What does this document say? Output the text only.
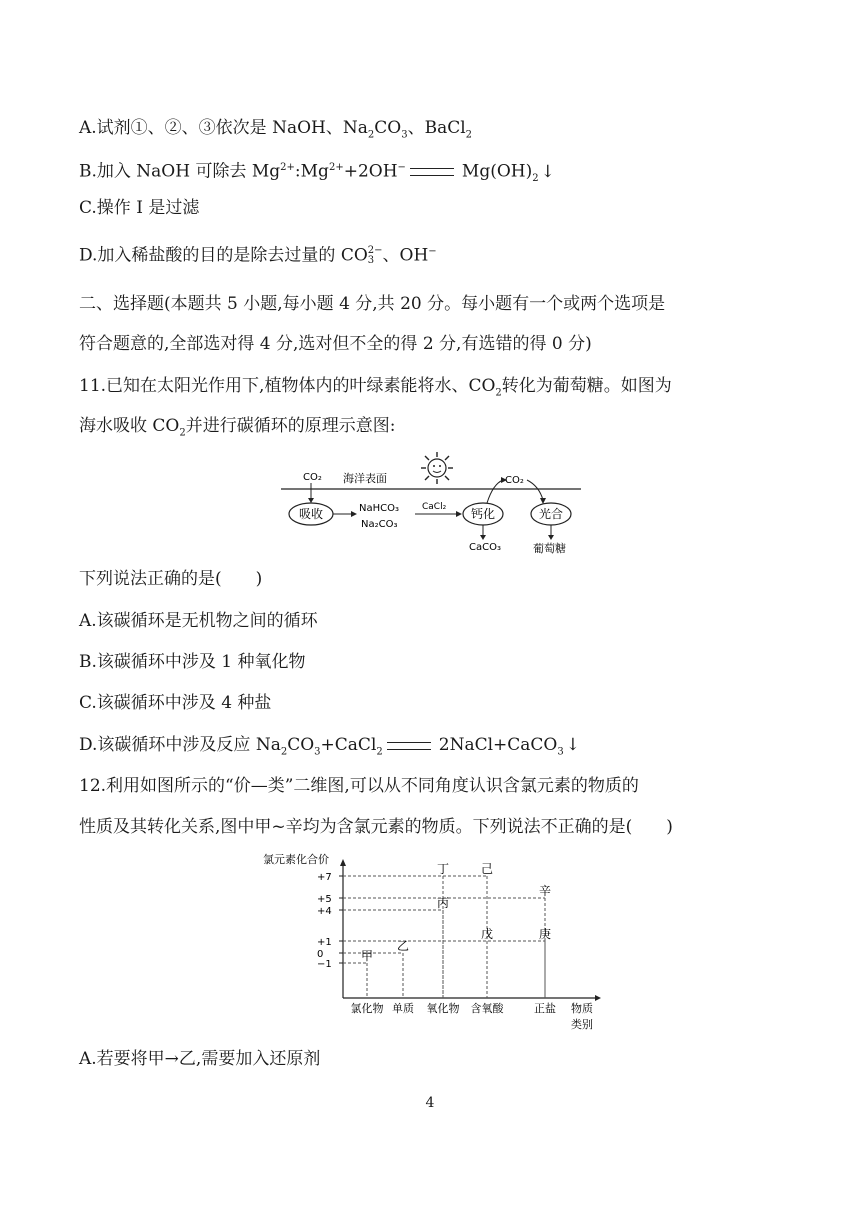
A.试剂①、②、③依次是 NaOH、$Na_2CO_3$、BaCl$_2$
B.加入 NaOH 可除去 $Mg^{2+}:Mg^{2+}+2OH^-$	$Mg(OH)_2$ ↓
C.操作 Ⅰ 是过滤
D.加入稀盐酸的目的是除去过量的 CO 2−
3 、OH−
二、选择题(本题共 5 小题,每小题 4 分,共 20 分。每小题有一个或两个选项是
符合题意的,全部选对得 4 分,选对但不全的得 2 分,有选错的得 0 分)
11.已知在太阳光作用下,植物体内的叶绿素能将水、$CO_2$转化为葡萄糖。如图为
海水吸收 $CO_2$并进行碳循环的原理示意图:
CO₂ 海洋表面
吸收	NaHCO₃
Na₂CO₃
CaCl₂ 钙化
CaCO₃
CO₂
光合
葡萄糖
下列说法正确的是(　　)
A.该碳循环是无机物之间的循环
B.该碳循环中涉及 1 种氧化物
C.该碳循环中涉及 4 种盐
D.该碳循环中涉及反应 $Na_2CO_3+CaCl_2$	2NaCl+CaCO$_3$ ↓
12.利用如图所示的“价—类”二维图,可以从不同角度认识含氯元素的物质的
性质及其转化关系,图中甲~辛均为含氯元素的物质。下列说法不正确的是(　　)
氯元素化合价
+7
+5
+4
+1
0
−1
氯化物 单质 氧化物 含氧酸	正盐
甲
乙
丙
丁
戊
己
庚
辛
物质
类别
A.若要将甲→乙,需要加入还原剂
4
